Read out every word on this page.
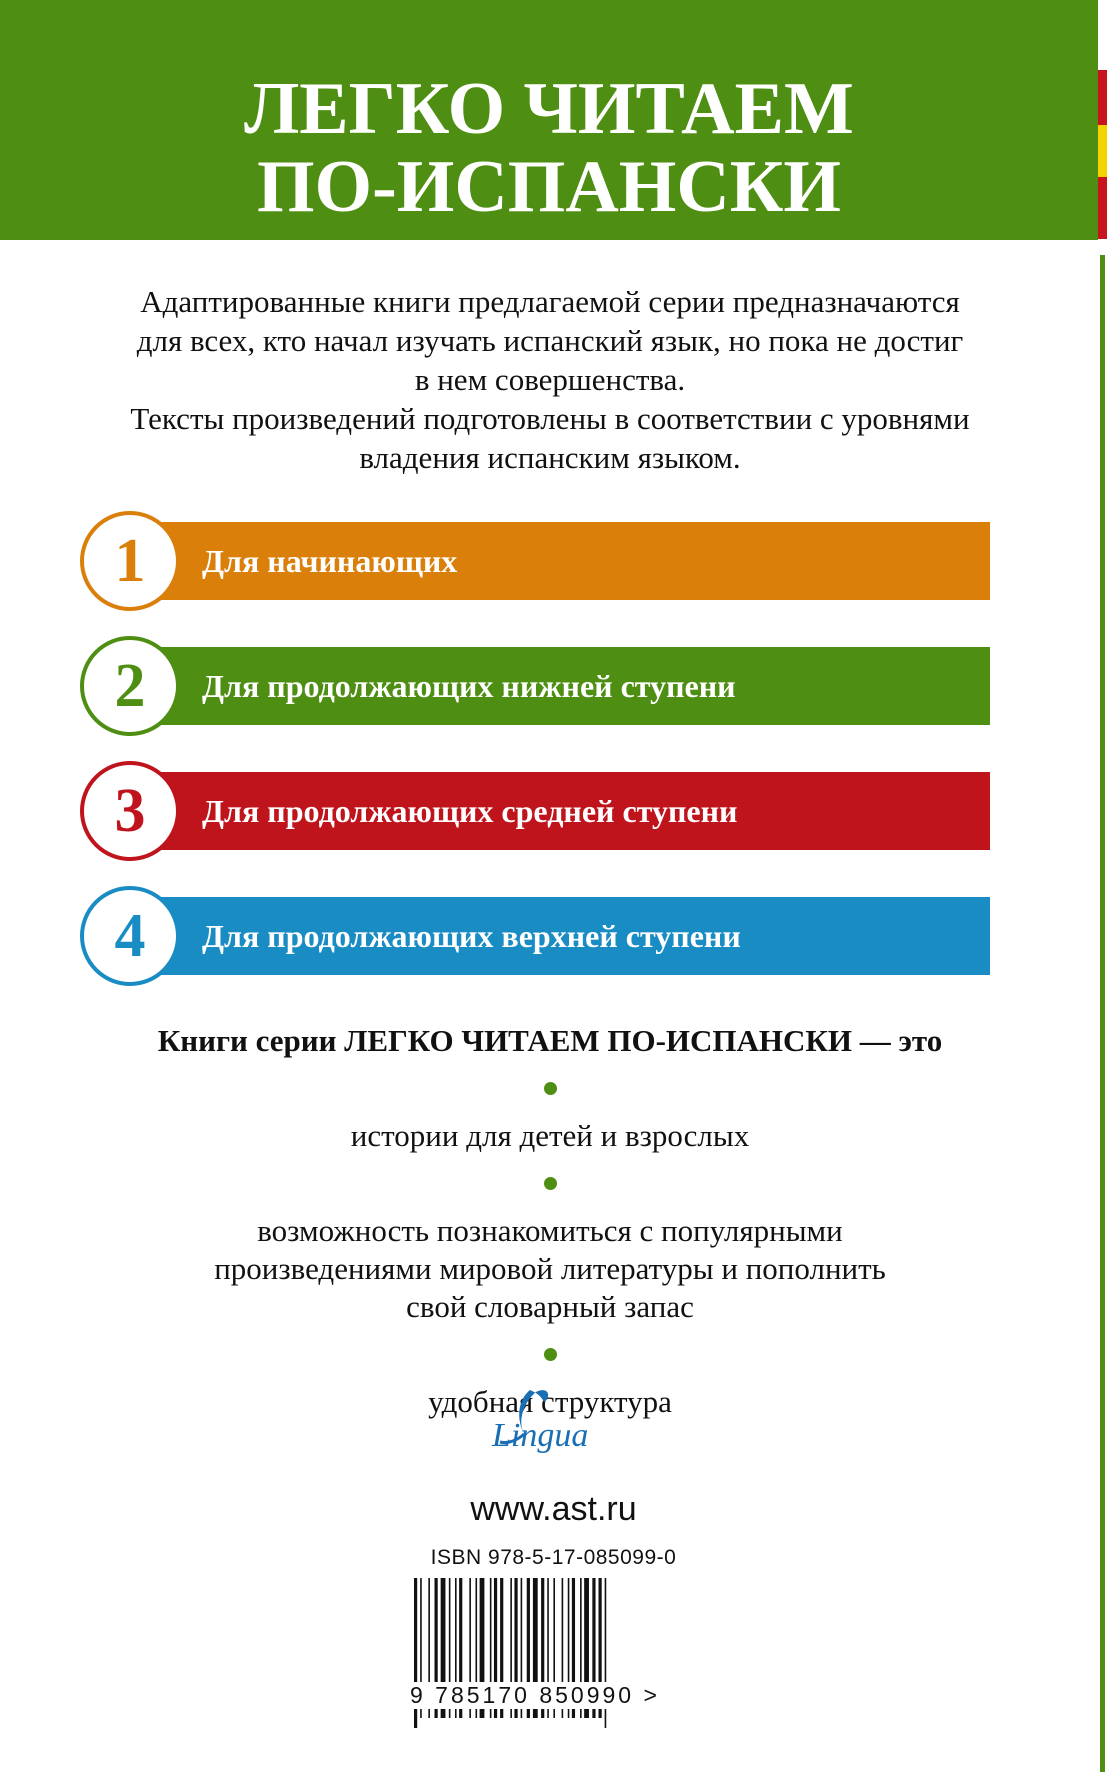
ЛЕГКО ЧИТАЕМ
ПО-ИСПАНСКИ

Адаптированные книги предлагаемой серии предназначаются

для всех, кто начал изучать испанский язык, но пока не достиг

в нем совершенства.

Тексты произведений подготовлены в соответствии с уровнями

владения испанским языком.

Для начинающих
1
Для продолжающих нижней ступени
2
Для продолжающих средней ступени
3
Для продолжающих верхней ступени
4

Книги серии ЛЕГКО ЧИТАЕМ ПО-ИСПАНСКИ — это

истории для детей и взрослых

возможность познакомиться с популярными

произведениями мировой литературы и пополнить

свой словарный запас

удобная структура

Lingua
www.ast.ru
ISBN 978-5-17-085099-0
9 785170 850990 >
